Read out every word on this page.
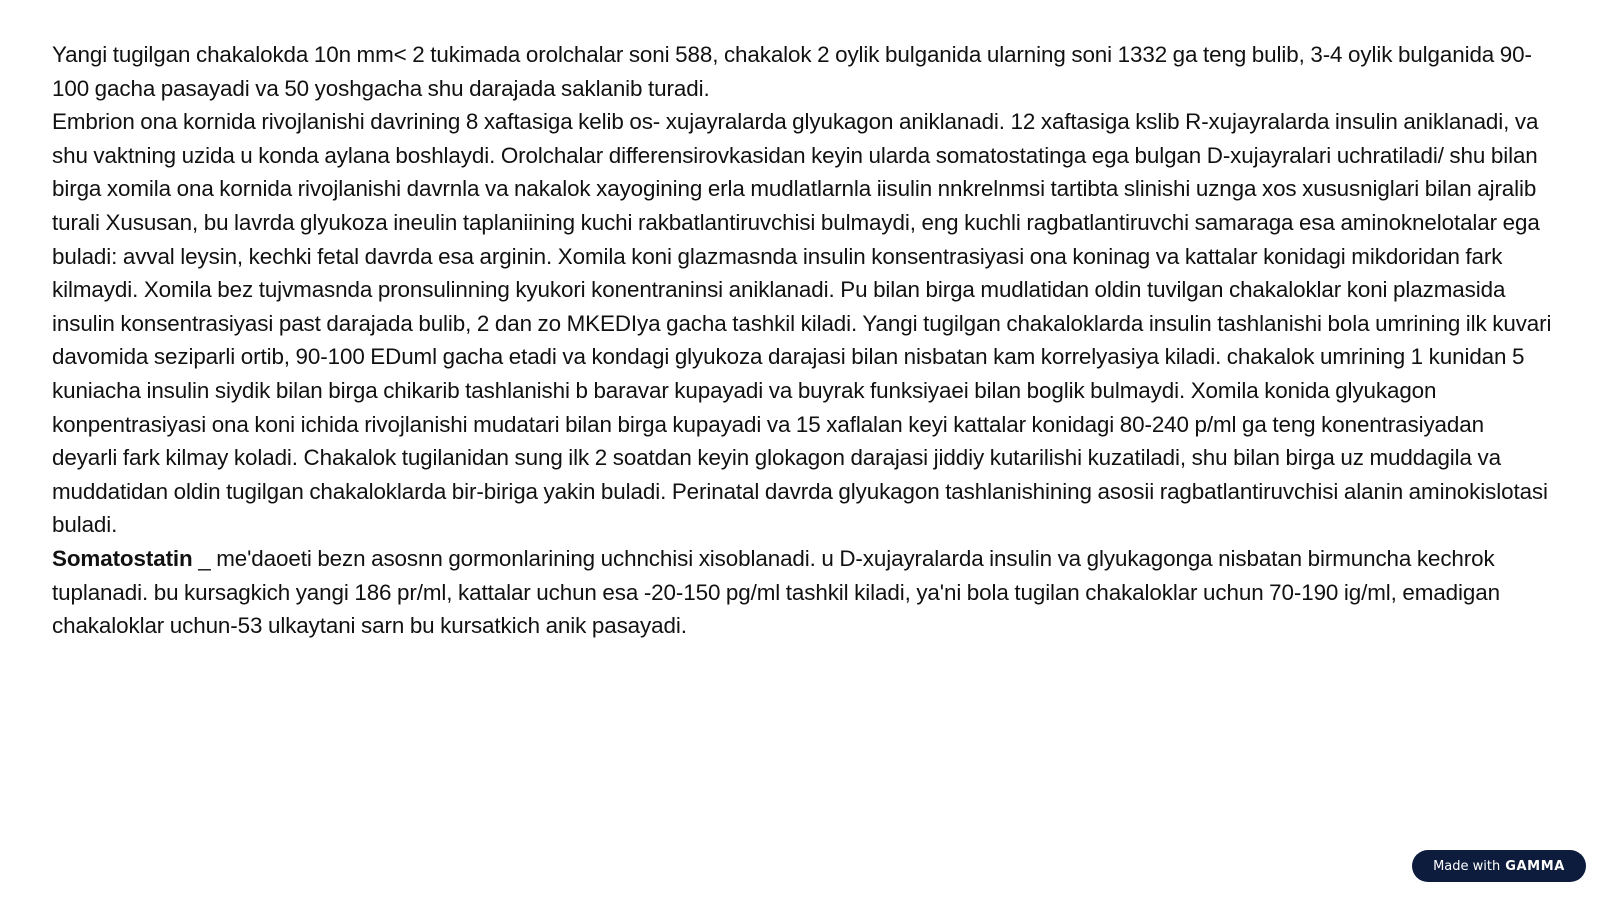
Yangi tugilgan chakalokda 10n mm< 2 tukimada orolchalar soni 588, chakalok 2 oylik bulganida ularning soni 1332 ga teng bulib, 3-4 oylik bulganida 90-100 gacha pasayadi va 50 yoshgacha shu darajada saklanib turadi.

Embrion ona kornida rivojlanishi davrining 8 xaftasiga kelib os- xujayralarda glyukagon aniklanadi. 12 xaftasiga kslib R-xujayralarda insulin aniklanadi, va shu vaktning uzida u konda aylana boshlaydi. Orolchalar differensirovkasidan keyin ularda somatostatinga ega bulgan D-xujayralari uchratiladi/ shu bilan birga xomila ona kornida rivojlanishi davrnla va nakalok xayogining erla mudlatlarnla iisulin nnkrelnmsi tartibta slinishi uznga xos xususniglari bilan ajralib turali Xususan, bu lavrda glyukoza ineulin taplaniining kuchi rakbatlantiruvchisi bulmaydi, eng kuchli ragbatlantiruvchi samaraga esa aminoknelotalar ega buladi: avval leysin, kechki fetal davrda esa arginin. Xomila koni glazmasnda insulin konsentrasiyasi ona koninag va kattalar konidagi mikdoridan fark kilmaydi. Xomila bez tujvmasnda pronsulinning kyukori konentraninsi aniklanadi. Pu bilan birga mudlatidan oldin tuvilgan chakaloklar koni plazmasida insulin konsentrasiyasi past darajada bulib, 2 dan zo MKEDIya gacha tashkil kiladi. Yangi tugilgan chakaloklarda insulin tashlanishi bola umrining ilk kuvari davomida seziparli ortib, 90-100 EDuml gacha etadi va kondagi glyukoza darajasi bilan nisbatan kam korrelyasiya kiladi. chakalok umrining 1 kunidan 5 kuniacha insulin siydik bilan birga chikarib tashlanishi b baravar kupayadi va buyrak funksiyaei bilan boglik bulmaydi. Xomila konida glyukagon konpentrasiyasi ona koni ichida rivojlanishi mudatari bilan birga kupayadi va 15 xaflalan keyi kattalar konidagi 80-240 p/ml ga teng konentrasiyadan deyarli fark kilmay koladi. Chakalok tugilanidan sung ilk 2 soatdan keyin glokagon darajasi jiddiy kutarilishi kuzatiladi, shu bilan birga uz muddagila va muddatidan oldin tugilgan chakaloklarda bir-biriga yakin buladi. Perinatal davrda glyukagon tashlanishining asosii ragbatlantiruvchisi alanin aminokislotasi buladi.

Somatostatin _ me'daoeti bezn asosnn gormonlarining uchnchisi xisoblanadi. u D-xujayralarda insulin va glyukagonga nisbatan birmuncha kechrok tuplanadi. bu kursagkich yangi 186 pr/ml, kattalar uchun esa -20-150 pg/ml tashkil kiladi, ya'ni bola tugilan chakaloklar uchun 70-190 ig/ml, emadigan chakaloklar uchun-53 ulkaytani sarn bu kursatkich anik pasayadi.

Made with GAMMA
